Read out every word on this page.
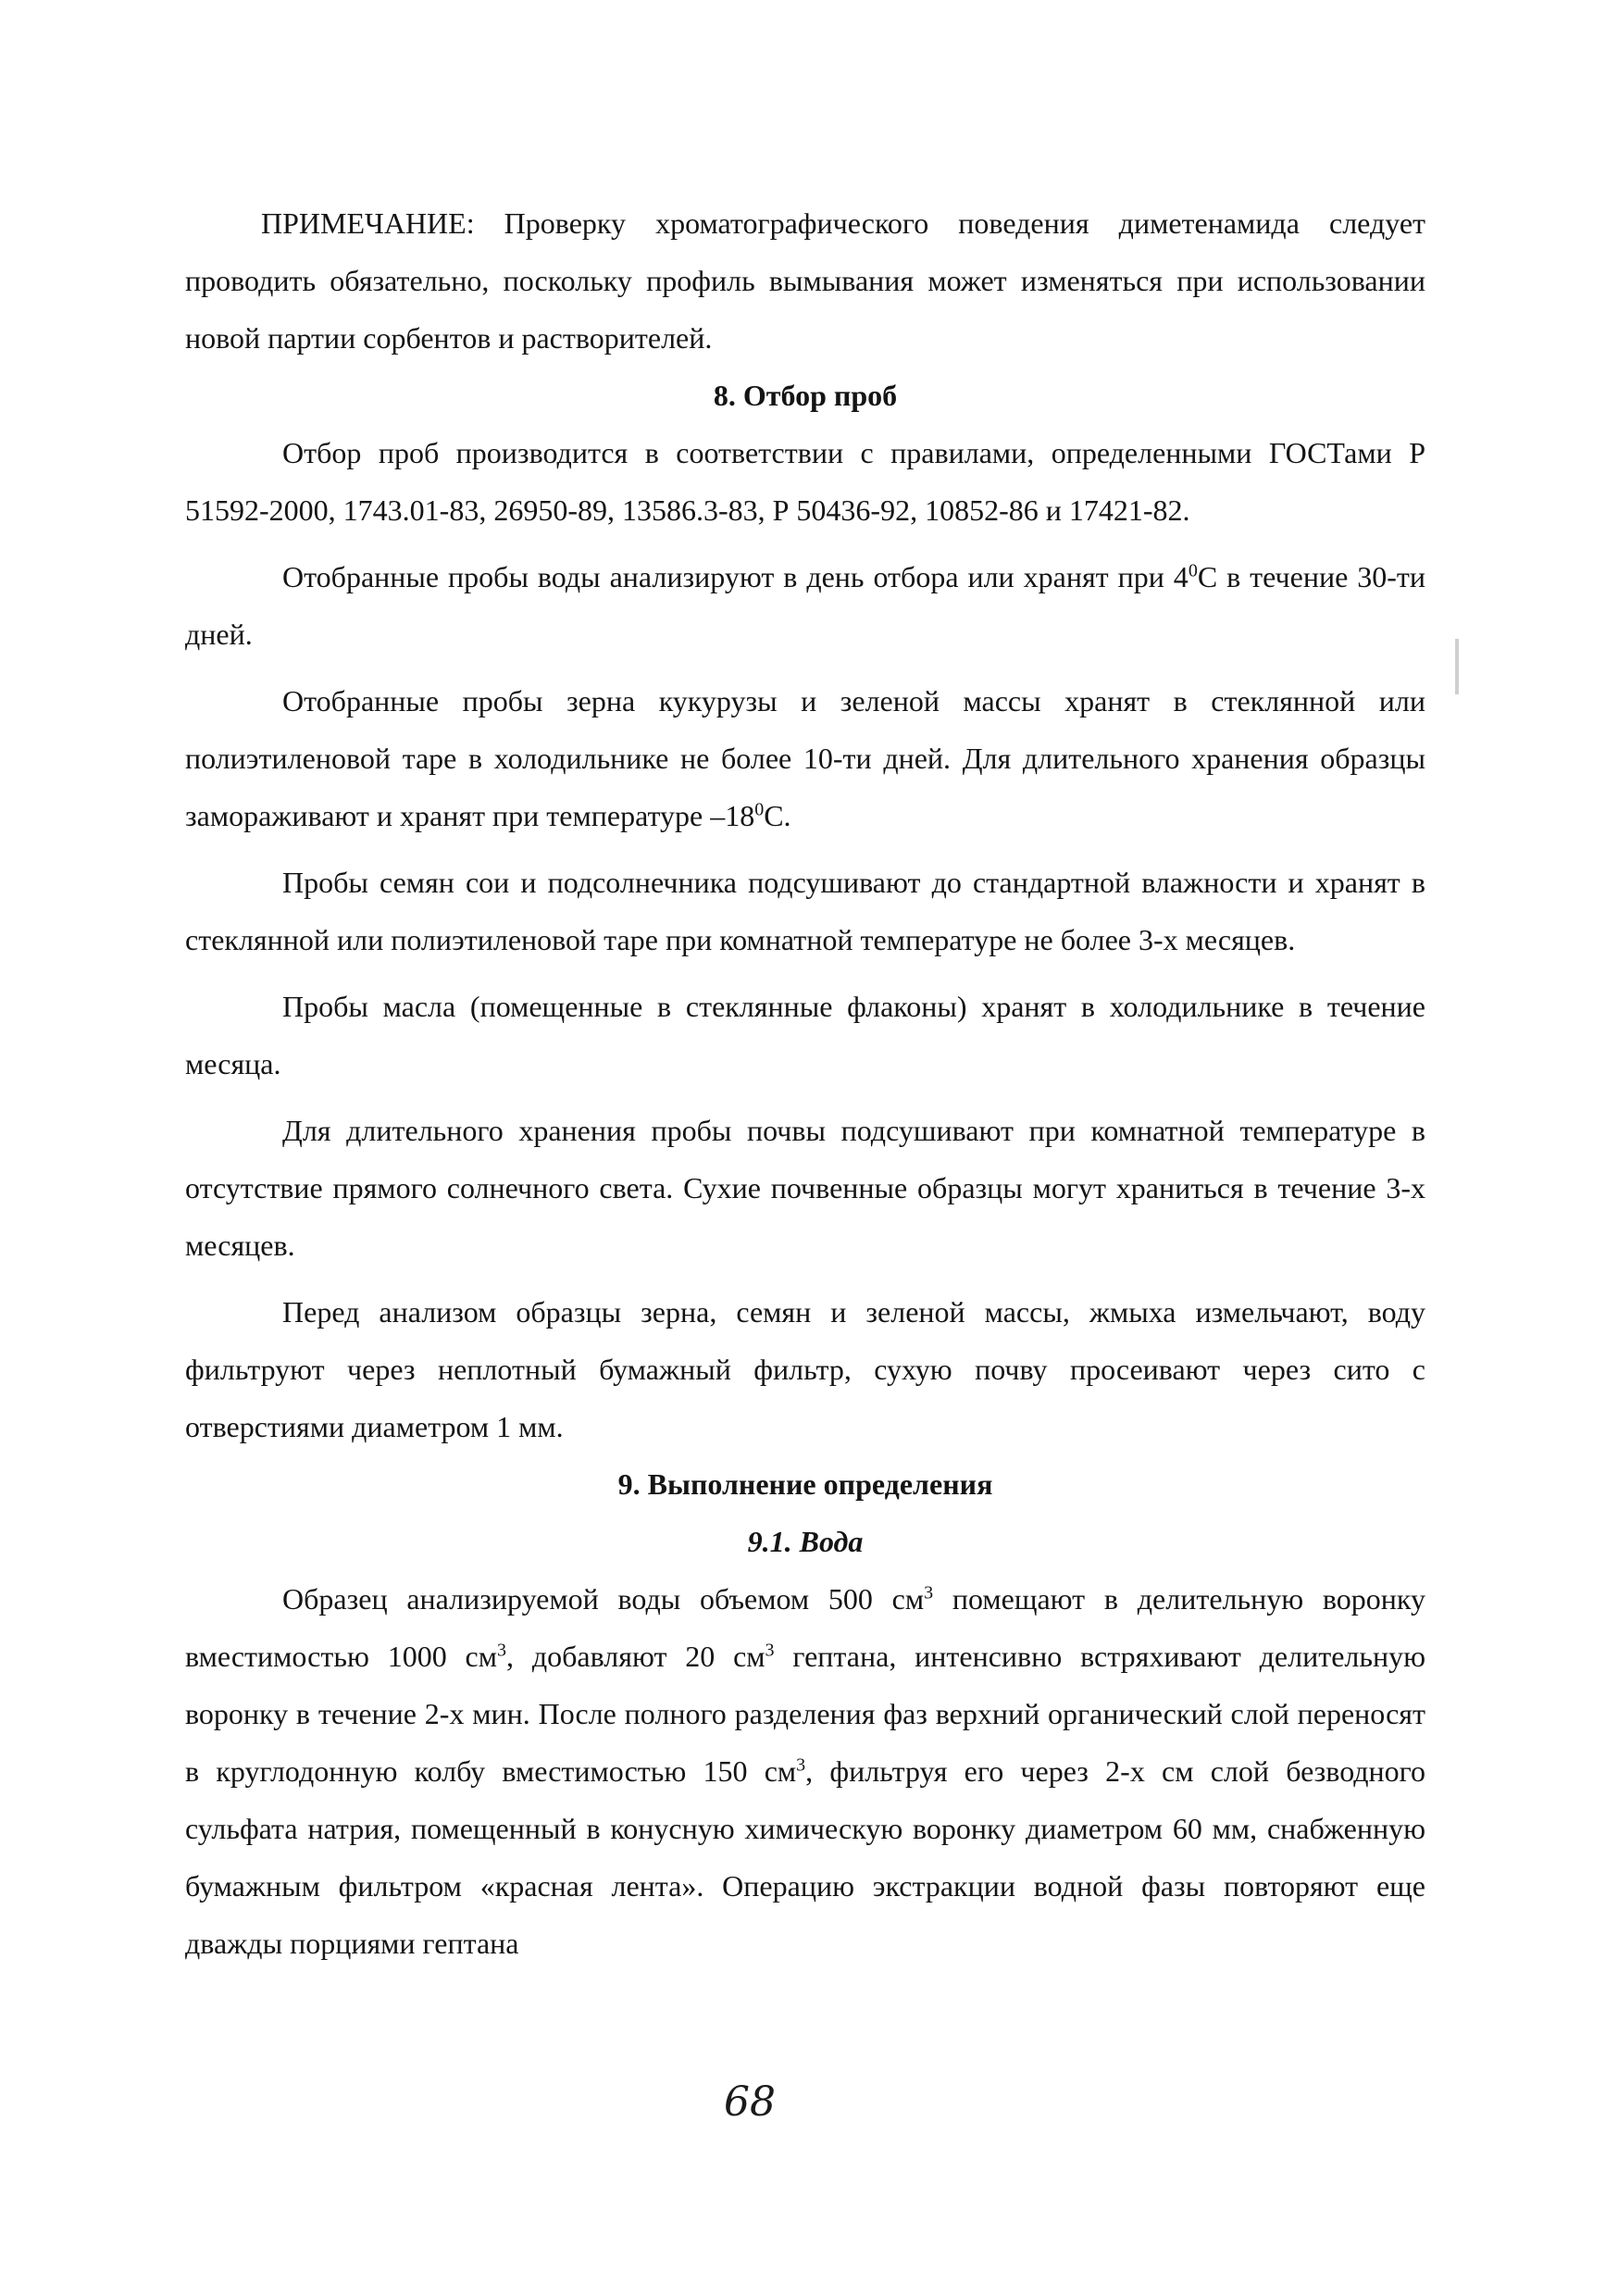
ПРИМЕЧАНИЕ: Проверку хроматографического поведения диметенамида следует проводить обязательно, поскольку профиль вымывания может изменяться при использовании новой партии сорбентов и растворителей.

8. Отбор проб

Отбор проб производится в соответствии с правилами, определенными ГОСТами Р 51592-2000, 1743.01-83, 26950-89, 13586.3-83, Р 50436-92, 10852-86 и 17421-82.

Отобранные пробы воды анализируют в день отбора или хранят при $4^0C$ в течение 30-ти дней.

Отобранные пробы зерна кукурузы и зеленой массы хранят в стеклянной или полиэтиленовой таре в холодильнике не более 10-ти дней. Для длительного хранения образцы замораживают и хранят при температуре $-18^0C$.

Пробы семян сои и подсолнечника подсушивают до стандартной влажности и хранят в стеклянной или полиэтиленовой таре при комнатной температуре не более 3-х месяцев.

Пробы масла (помещенные в стеклянные флаконы) хранят в холодильнике в течение месяца.

Для длительного хранения пробы почвы подсушивают при комнатной температуре в отсутствие прямого солнечного света. Сухие почвенные образцы могут храниться в течение 3-х месяцев.

Перед анализом образцы зерна, семян и зеленой массы, жмыха измельчают, воду фильтруют через неплотный бумажный фильтр, сухую почву просеивают через сито с отверстиями диаметром 1 мм.

9. Выполнение определения
9.1. Вода

Образец анализируемой воды объемом 500 $см^3$ помещают в делительную воронку вместимостью 1000 $см^3$, добавляют 20 $см^3$ гептана, интенсивно встряхивают делительную воронку в течение 2-х мин. После полного разделения фаз верхний органический слой переносят в круглодонную колбу вместимостью 150 $см^3$, фильтруя его через 2-х см слой безводного сульфата натрия, помещенный в конусную химическую воронку диаметром 60 мм, снабженную бумажным фильтром «красная лента». Операцию экстракции водной фазы повторяют еще дважды порциями гептана

68
